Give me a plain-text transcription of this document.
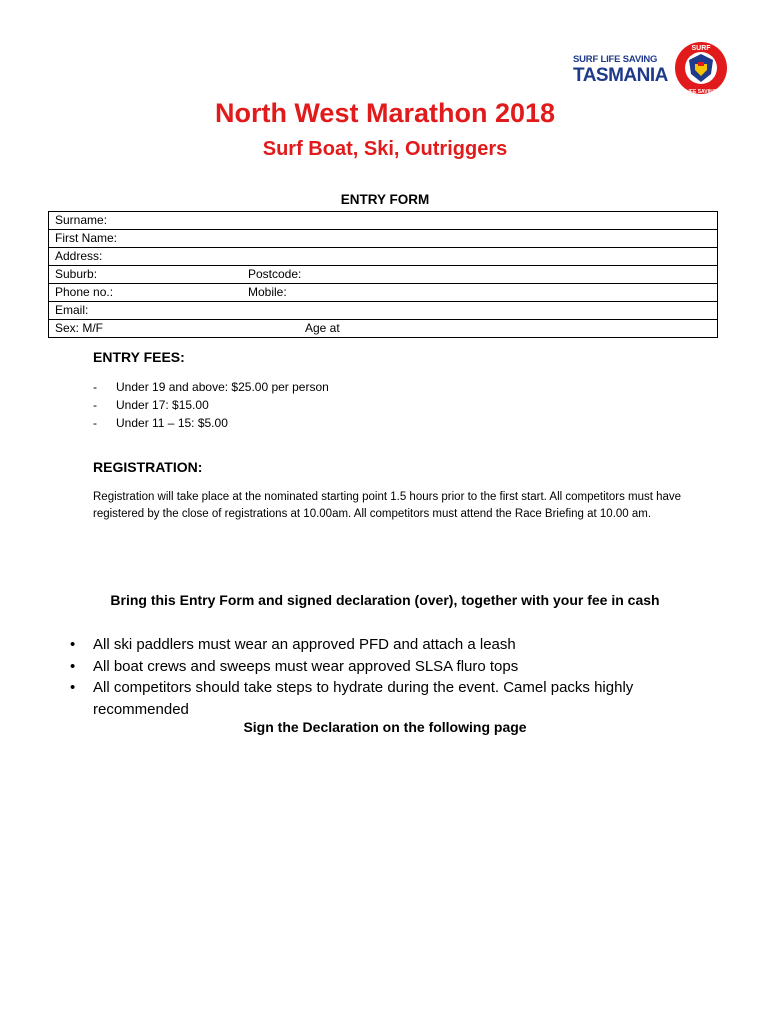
SURF LIFE SAVING
TASMANIA
SURF
LIFE SAVING
North West Marathon 2018
Surf Boat, Ski, Outriggers
ENTRY FORM
Surname:
First Name:
Address:
Suburb:	Postcode:
Phone no.:	Mobile:
Email:
Sex: M/F	Age at
ENTRY FEES:
- Under 19 and above: $25.00 per person
- Under 17: $15.00
- Under 11 – 15: $5.00
REGISTRATION:
Registration will take place at the nominated starting point 1.5 hours prior to the first start. All competitors must have registered by the close of registrations at 10.00am. All competitors must attend the Race Briefing at 10.00 am.
Bring this Entry Form and signed declaration (over), together with your fee in cash
• All ski paddlers must wear an approved PFD and attach a leash
• All boat crews and sweeps must wear approved SLSA fluro tops
• All competitors should take steps to hydrate during the event. Camel packs highly recommended
Sign the Declaration on the following page
